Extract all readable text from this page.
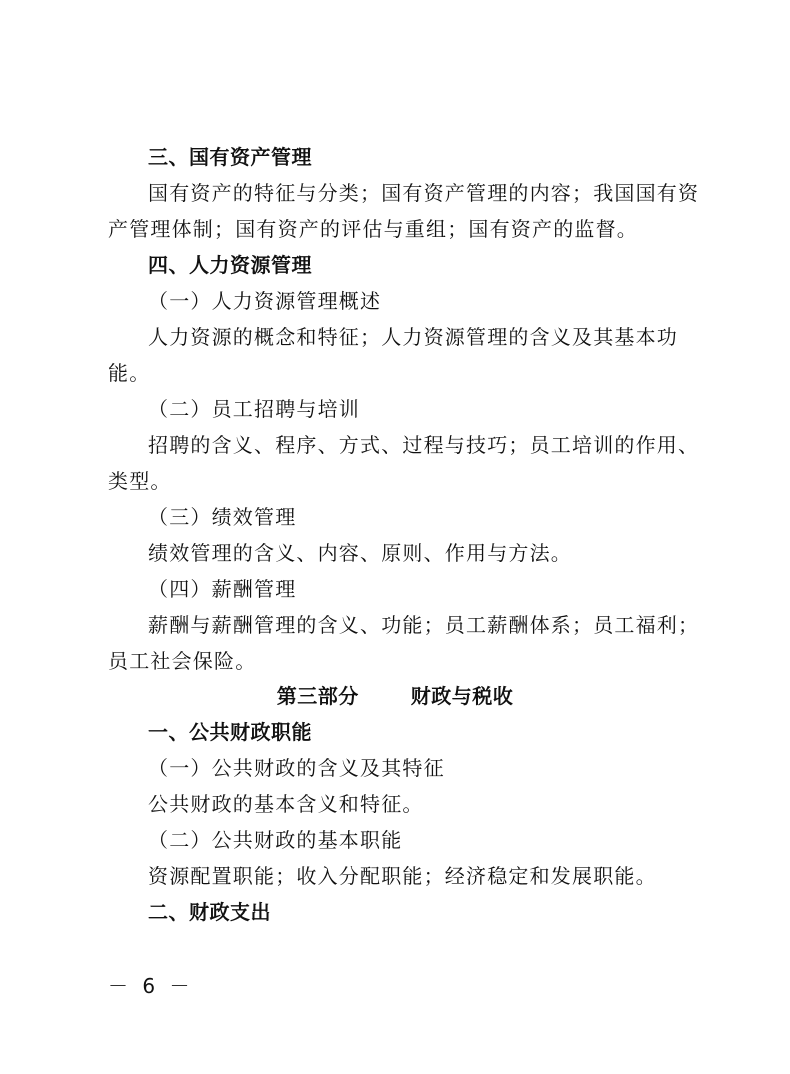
三、国有资产管理
国有资产的特征与分类；国有资产管理的内容；我国国有资
产管理体制；国有资产的评估与重组；国有资产的监督。
四、人力资源管理
（一）人力资源管理概述
人力资源的概念和特征；人力资源管理的含义及其基本功
能。
（二）员工招聘与培训
招聘的含义、程序、方式、过程与技巧；员工培训的作用、
类型。
（三）绩效管理
绩效管理的含义、内容、原则、作用与方法。
（四）薪酬管理
薪酬与薪酬管理的含义、功能；员工薪酬体系；员工福利；
员工社会保险。
第三部分	财政与税收
一、公共财政职能
（一）公共财政的含义及其特征
公共财政的基本含义和特征。
（二）公共财政的基本职能
资源配置职能；收入分配职能；经济稳定和发展职能。
二、财政支出
－ 6 －
